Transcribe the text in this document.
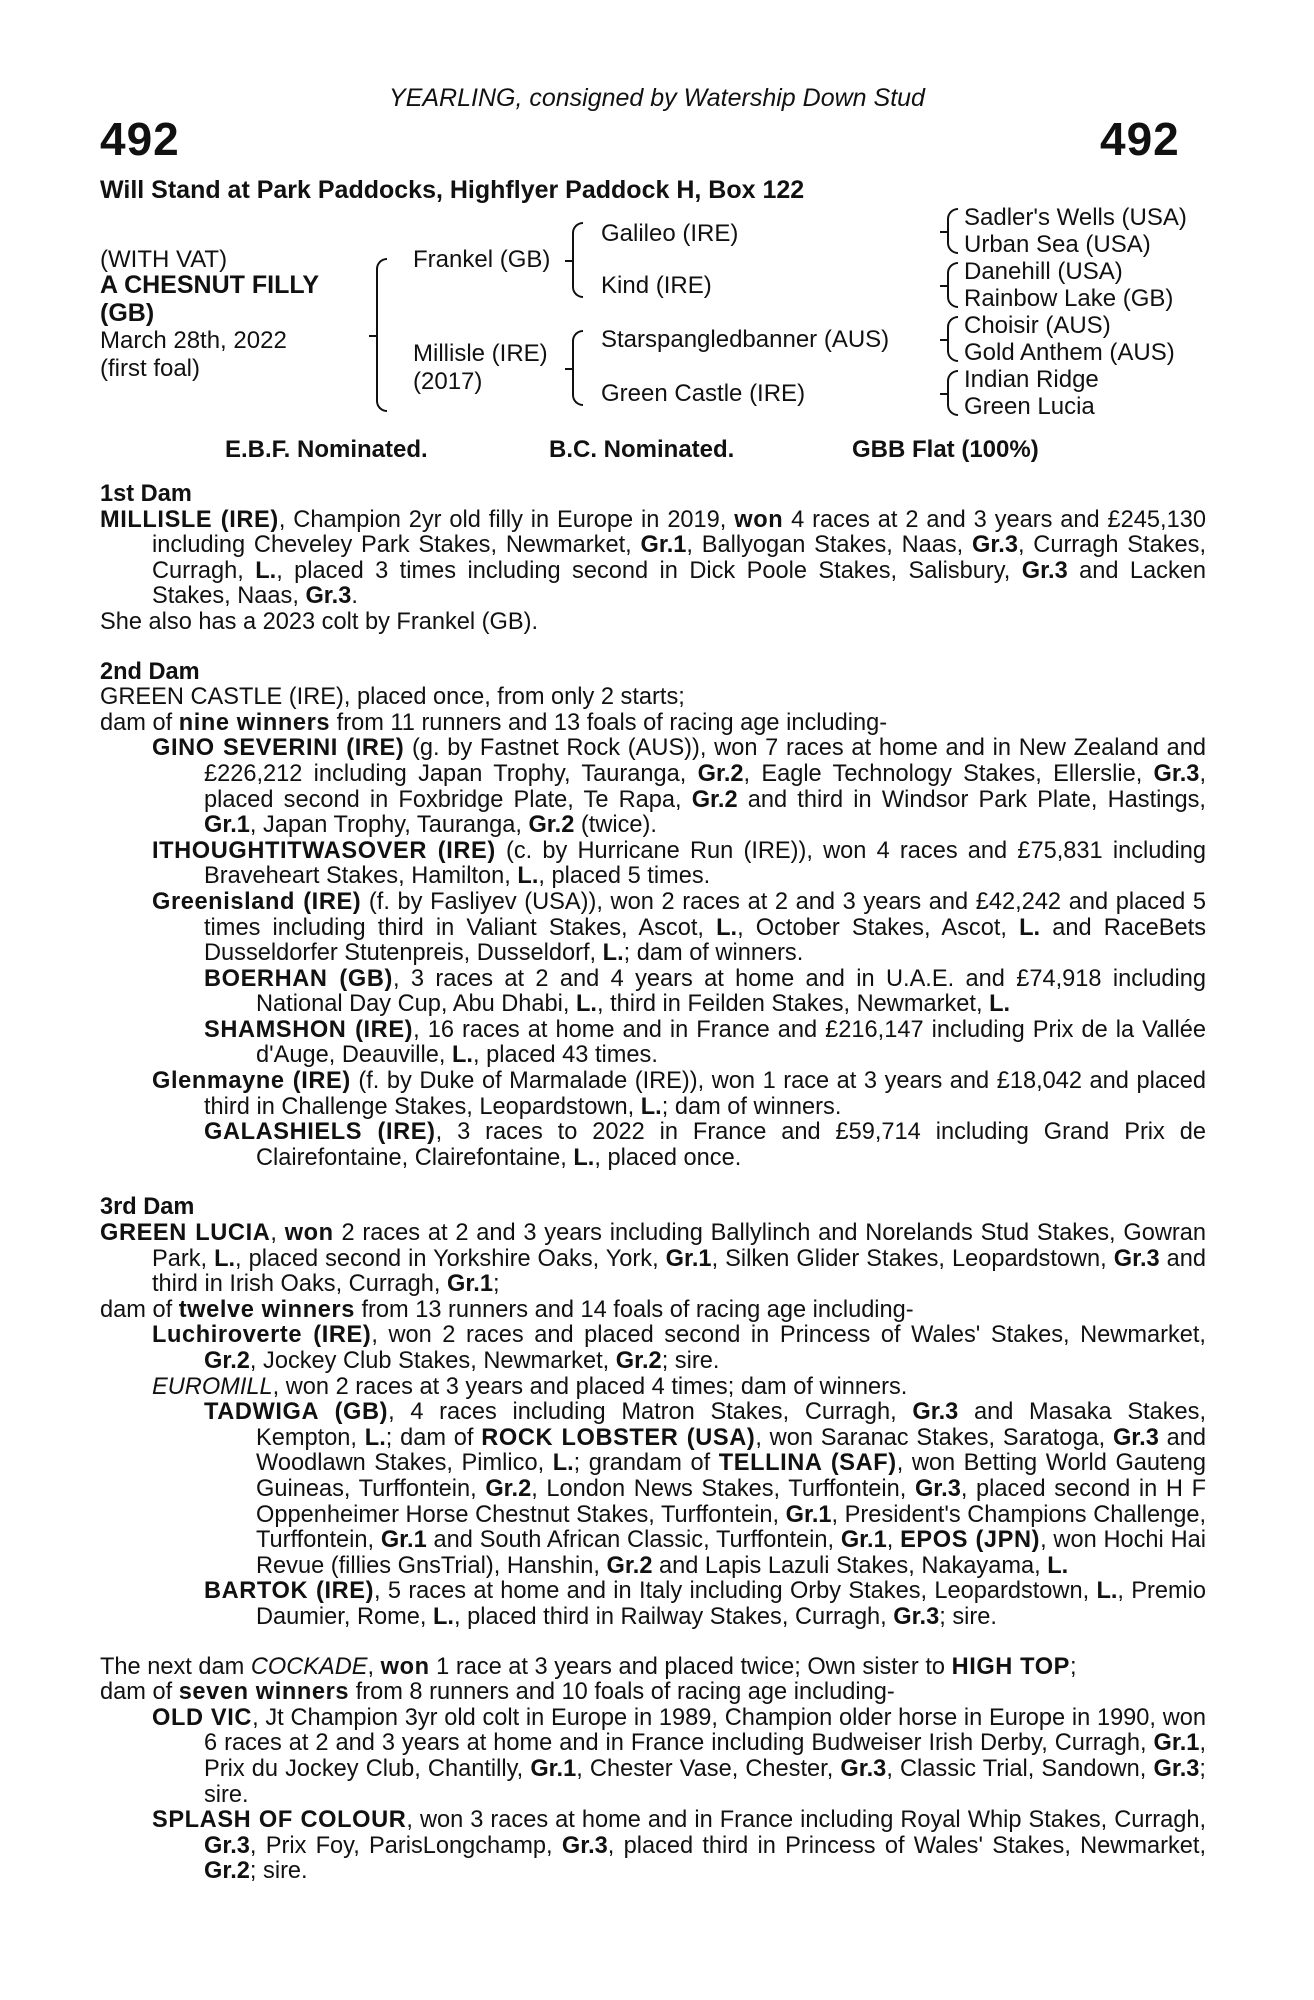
YEARLING, consigned by Watership Down Stud
492	492
Will Stand at Park Paddocks, Highflyer Paddock H, Box 122
(WITH VAT)
A CHESNUT FILLY
(GB)
March 28th, 2022
(first foal)
Frankel (GB)
Millisle (IRE)
(2017)
Galileo (IRE)
Kind (IRE)
Starspangledbanner (AUS)
Green Castle (IRE)
Sadler's Wells (USA)
Urban Sea (USA)
Danehill (USA)
Rainbow Lake (GB)
Choisir (AUS)
Gold Anthem (AUS)
Indian Ridge
Green Lucia
E.B.F. Nominated.	B.C. Nominated.	GBB Flat (100%)
1st Dam

MILLISLE (IRE), Champion 2yr old filly in Europe in 2019, won 4 races at 2 and 3 years and £245,130 including Cheveley Park Stakes, Newmarket, Gr.1, Ballyogan Stakes, Naas, Gr.3, Curragh Stakes, Curragh, L., placed 3 times including second in Dick Poole Stakes, Salisbury, Gr.3 and Lacken Stakes, Naas, Gr.3.

She also has a 2023 colt by Frankel (GB).

2nd Dam

GREEN CASTLE (IRE), placed once, from only 2 starts;

dam of nine winners from 11 runners and 13 foals of racing age including-

GINO SEVERINI (IRE) (g. by Fastnet Rock (AUS)), won 7 races at home and in New Zealand and £226,212 including Japan Trophy, Tauranga, Gr.2, Eagle Technology Stakes, Ellerslie, Gr.3, placed second in Foxbridge Plate, Te Rapa, Gr.2 and third in Windsor Park Plate, Hastings, Gr.1, Japan Trophy, Tauranga, Gr.2 (twice).

ITHOUGHTITWASOVER (IRE) (c. by Hurricane Run (IRE)), won 4 races and £75,831 including Braveheart Stakes, Hamilton, L., placed 5 times.

Greenisland (IRE) (f. by Fasliyev (USA)), won 2 races at 2 and 3 years and £42,242 and placed 5 times including third in Valiant Stakes, Ascot, L., October Stakes, Ascot, L. and RaceBets Dusseldorfer Stutenpreis, Dusseldorf, L.; dam of winners.

BOERHAN (GB), 3 races at 2 and 4 years at home and in U.A.E. and £74,918 including National Day Cup, Abu Dhabi, L., third in Feilden Stakes, Newmarket, L.

SHAMSHON (IRE), 16 races at home and in France and £216,147 including Prix de la Vallée d'Auge, Deauville, L., placed 43 times.

Glenmayne (IRE) (f. by Duke of Marmalade (IRE)), won 1 race at 3 years and £18,042 and placed third in Challenge Stakes, Leopardstown, L.; dam of winners.

GALASHIELS (IRE), 3 races to 2022 in France and £59,714 including Grand Prix de Clairefontaine, Clairefontaine, L., placed once.

3rd Dam

GREEN LUCIA, won 2 races at 2 and 3 years including Ballylinch and Norelands Stud Stakes, Gowran Park, L., placed second in Yorkshire Oaks, York, Gr.1, Silken Glider Stakes, Leopardstown, Gr.3 and third in Irish Oaks, Curragh, Gr.1;

dam of twelve winners from 13 runners and 14 foals of racing age including-

Luchiroverte (IRE), won 2 races and placed second in Princess of Wales' Stakes, Newmarket, Gr.2, Jockey Club Stakes, Newmarket, Gr.2; sire.

EUROMILL, won 2 races at 3 years and placed 4 times; dam of winners.

TADWIGA (GB), 4 races including Matron Stakes, Curragh, Gr.3 and Masaka Stakes, Kempton, L.; dam of ROCK LOBSTER (USA), won Saranac Stakes, Saratoga, Gr.3 and Woodlawn Stakes, Pimlico, L.; grandam of TELLINA (SAF), won Betting World Gauteng Guineas, Turffontein, Gr.2, London News Stakes, Turffontein, Gr.3, placed second in H F Oppenheimer Horse Chestnut Stakes, Turffontein, Gr.1, President's Champions Challenge, Turffontein, Gr.1 and South African Classic, Turffontein, Gr.1, EPOS (JPN), won Hochi Hai Revue (fillies GnsTrial), Hanshin, Gr.2 and Lapis Lazuli Stakes, Nakayama, L.

BARTOK (IRE), 5 races at home and in Italy including Orby Stakes, Leopardstown, L., Premio Daumier, Rome, L., placed third in Railway Stakes, Curragh, Gr.3; sire.

The next dam COCKADE, won 1 race at 3 years and placed twice; Own sister to HIGH TOP;

dam of seven winners from 8 runners and 10 foals of racing age including-

OLD VIC, Jt Champion 3yr old colt in Europe in 1989, Champion older horse in Europe in 1990, won 6 races at 2 and 3 years at home and in France including Budweiser Irish Derby, Curragh, Gr.1, Prix du Jockey Club, Chantilly, Gr.1, Chester Vase, Chester, Gr.3, Classic Trial, Sandown, Gr.3; sire.

SPLASH OF COLOUR, won 3 races at home and in France including Royal Whip Stakes, Curragh, Gr.3, Prix Foy, ParisLongchamp, Gr.3, placed third in Princess of Wales' Stakes, Newmarket, Gr.2; sire.
